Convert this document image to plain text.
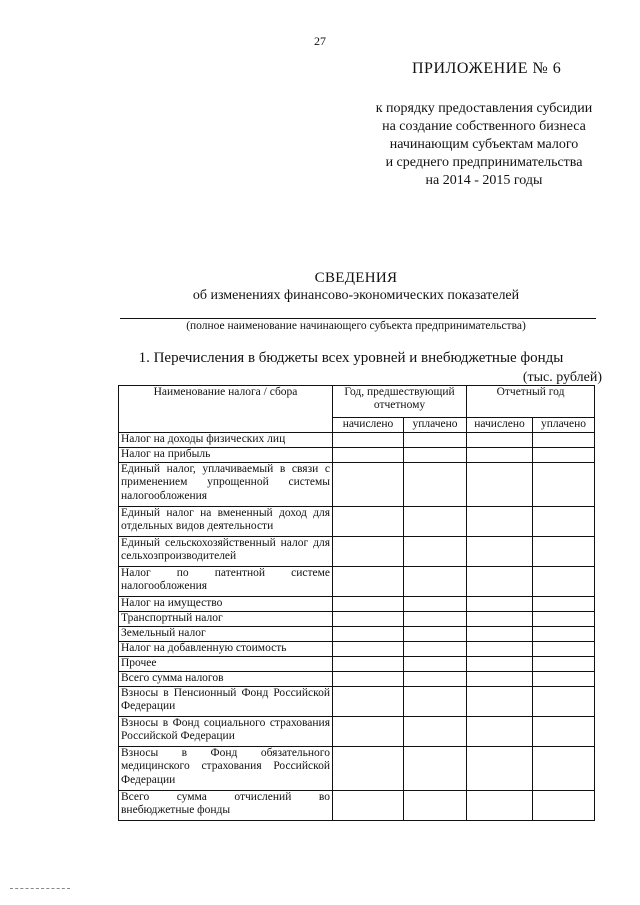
27
ПРИЛОЖЕНИЕ № 6
к порядку предоставления субсидии
на создание собственного бизнеса
начинающим субъектам малого
и среднего предпринимательства
на 2014 - 2015 годы
СВЕДЕНИЯ
об изменениях финансово-экономических показателей
(полное наименование начинающего субъекта предпринимательства)
1. Перечисления в бюджеты всех уровней и внебюджетные фонды
(тыс. рублей)
Наименование налога / сбора	Год, предшествующий отчетному		Отчетный год	
	начислено	уплачено	начислено	уплачено
Налог на доходы физических лиц				
Налог на прибыль				
Единый налог, уплачиваемый в связи с применением упрощенной системы налогообложения				
Единый налог на вмененный доход для отдельных видов деятельности				
Единый сельскохозяйственный налог для сельхозпроизводителей				
Налог по патентной системе налогообложения				
Налог на имущество				
Транспортный налог				
Земельный налог				
Налог на добавленную стоимость				
Прочее				
Всего сумма налогов				
Взносы в Пенсионный Фонд Российской Федерации				
Взносы в Фонд социального страхования Российской Федерации				
Взносы в Фонд обязательного медицинского страхования Российской Федерации				
Всего сумма отчислений во внебюджетные фонды				
